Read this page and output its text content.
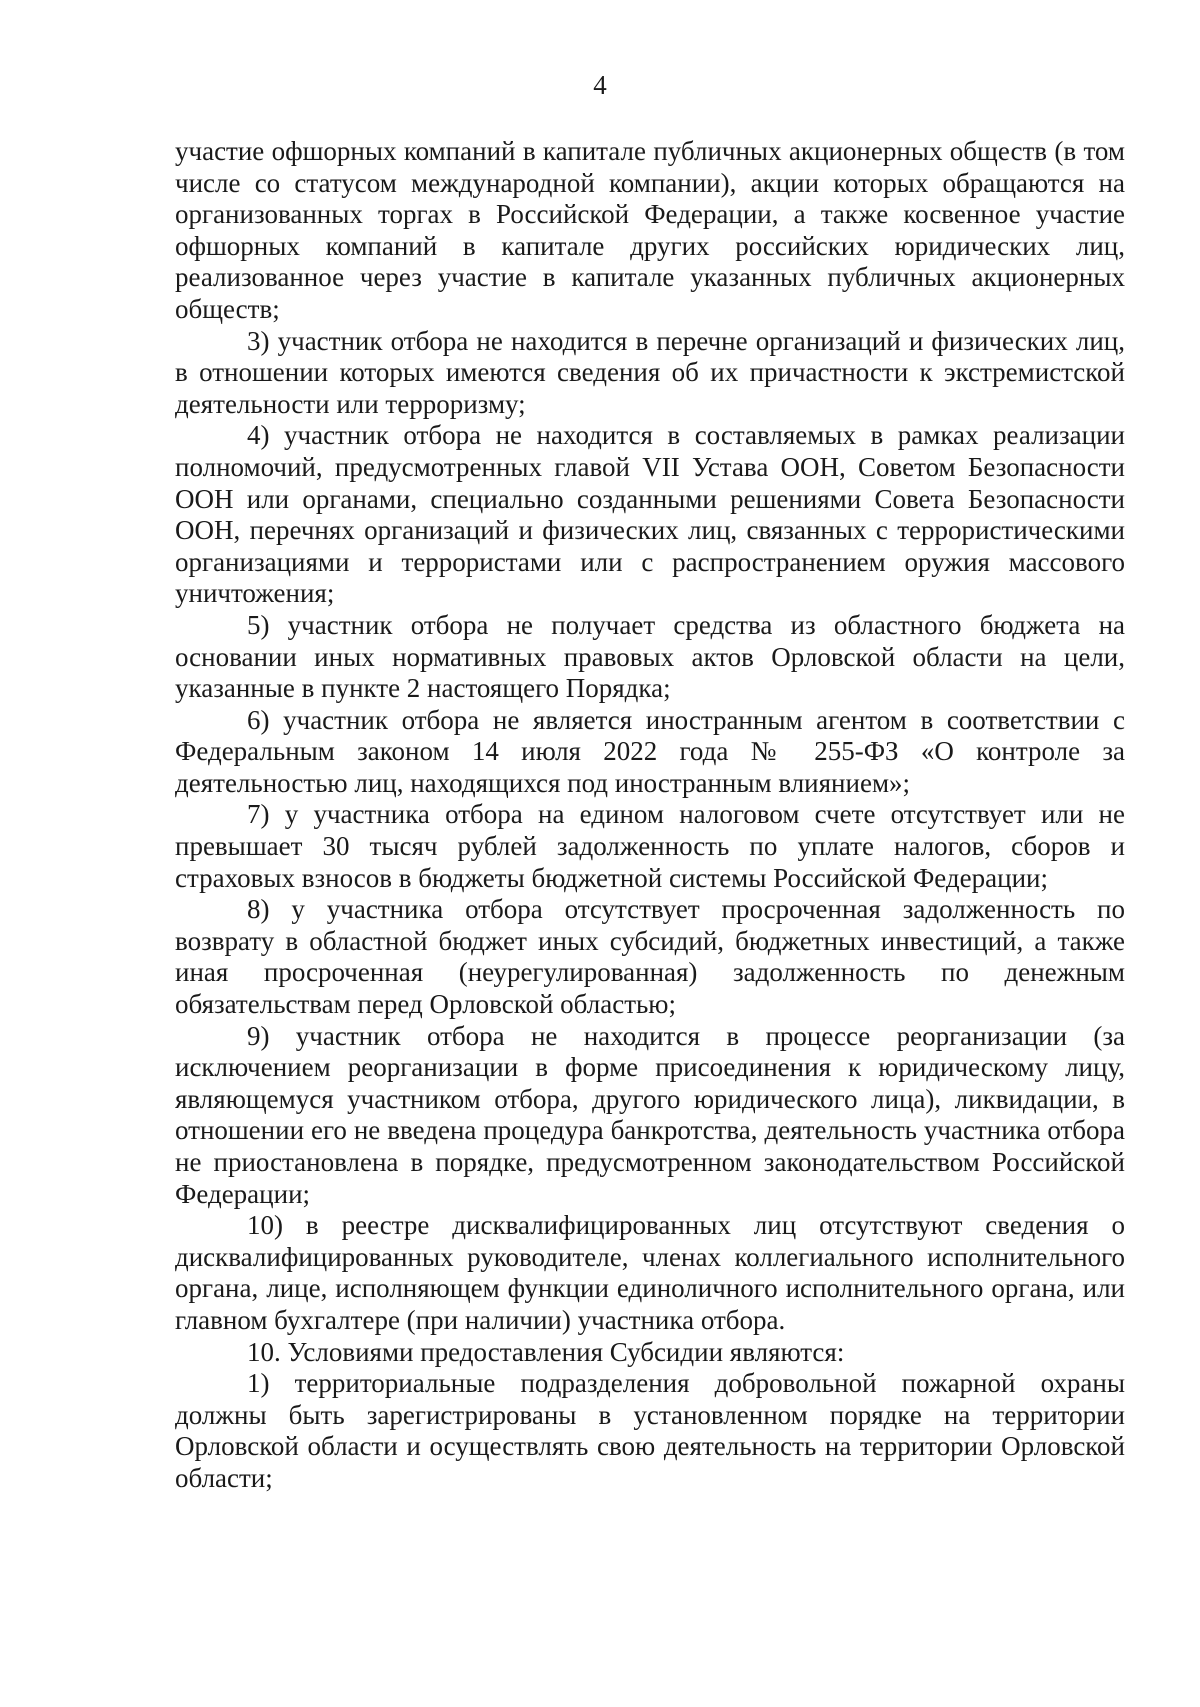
4

участие офшорных компаний в капитале публичных акционерных обществ (в том числе со статусом международной компании), акции которых обращаются на организованных торгах в Российской Федерации, а также косвенное участие офшорных компаний в капитале других российских юридических лиц, реализованное через участие в капитале указанных публичных акционерных обществ;

3) участник отбора не находится в перечне организаций и физических лиц, в отношении которых имеются сведения об их причастности к экстремистской деятельности или терроризму;

4) участник отбора не находится в составляемых в рамках реализации полномочий, предусмотренных главой VII Устава ООН, Советом Безопасности ООН или органами, специально созданными решениями Совета Безопасности ООН, перечнях организаций и физических лиц, связанных с террористическими организациями и террористами или с распространением оружия массового уничтожения;

5) участник отбора не получает средства из областного бюджета на основании иных нормативных правовых актов Орловской области на цели, указанные в пункте 2 настоящего Порядка;

6) участник отбора не является иностранным агентом в соответствии с Федеральным законом 14 июля 2022 года № 255-ФЗ «О контроле за деятельностью лиц, находящихся под иностранным влиянием»;

7) у участника отбора на едином налоговом счете отсутствует или не превышает 30 тысяч рублей задолженность по уплате налогов, сборов и страховых взносов в бюджеты бюджетной системы Российской Федерации;

8) у участника отбора отсутствует просроченная задолженность по возврату в областной бюджет иных субсидий, бюджетных инвестиций, а также иная просроченная (неурегулированная) задолженность по денежным обязательствам перед Орловской областью;

9) участник отбора не находится в процессе реорганизации (за исключением реорганизации в форме присоединения к юридическому лицу, являющемуся участником отбора, другого юридического лица), ликвидации, в отношении его не введена процедура банкротства, деятельность участника отбора не приостановлена в порядке, предусмотренном законодательством Российской Федерации;

10) в реестре дисквалифицированных лиц отсутствуют сведения о дисквалифицированных руководителе, членах коллегиального исполнительного органа, лице, исполняющем функции единоличного исполнительного органа, или главном бухгалтере (при наличии) участника отбора.

10. Условиями предоставления Субсидии являются:

1) территориальные подразделения добровольной пожарной охраны должны быть зарегистрированы в установленном порядке на территории Орловской области и осуществлять свою деятельность на территории Орловской области;
